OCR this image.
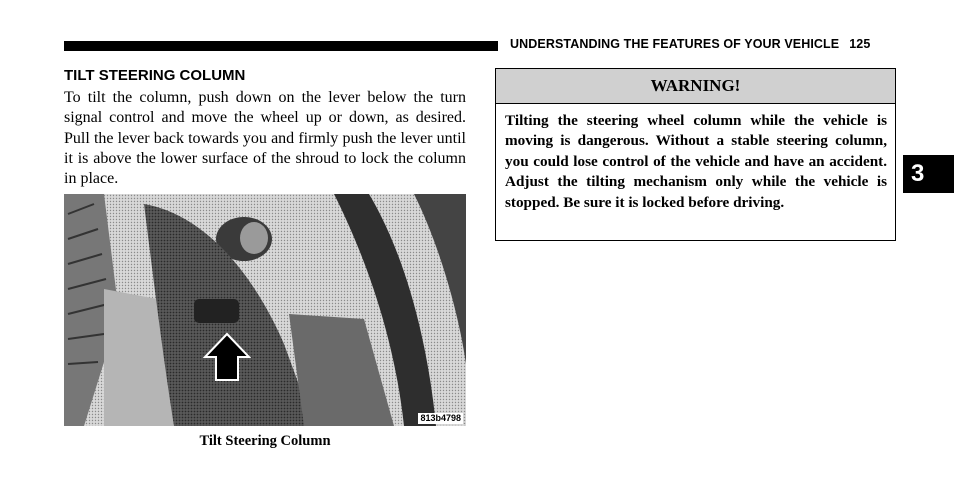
UNDERSTANDING THE FEATURES OF YOUR VEHICLE 125
TILT STEERING COLUMN

To tilt the column, push down on the lever below the turn signal control and move the wheel up or down, as desired. Pull the lever back towards you and firmly push the lever until it is above the lower surface of the shroud to lock the column in place.

813b4798
Tilt Steering Column
WARNING!
Tilting the steering wheel column while the vehicle is moving is dangerous. Without a stable steering column, you could lose control of the vehicle and have an accident. Adjust the tilting mechanism only while the vehicle is stopped. Be sure it is locked before driving.
3
